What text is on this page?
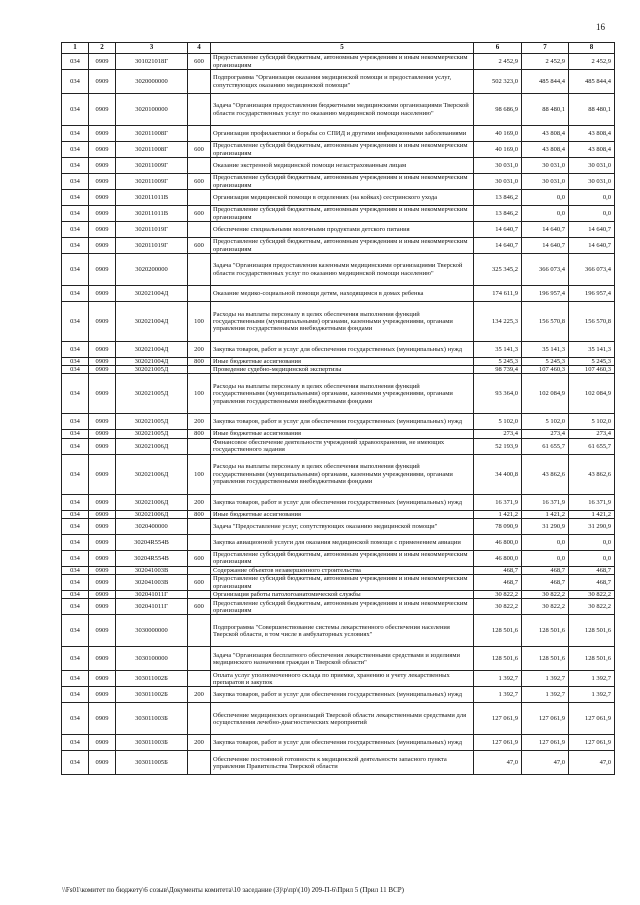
16
1	2	3	4	5	6	7	8
034	0909	301021018Г	600	Предоставление субсидий бюджетным, автономным учреждениям и иным некоммерческим организациям	2 452,9	2 452,9	2 452,9
034	0909	3020000000		Подпрограмма "Организация оказания медицинской помощи и предоставления услуг, сопутствующих оказанию медицинской помощи"	502 323,0	485 844,4	485 844,4
034	0909	3020100000		Задача "Организация предоставления бюджетными медицинскими организациями Тверской области государственных услуг по оказанию медицинской помощи населению"	98 686,9	88 480,1	88 480,1
034	0909	302011008Г		Организация профилактики и борьбы со СПИД и другими инфекционными заболеваниями	40 169,0	43 808,4	43 808,4
034	0909	302011008Г	600	Предоставление субсидий бюджетным, автономным учреждениям и иным некоммерческим организациям	40 169,0	43 808,4	43 808,4
034	0909	302011009Г		Оказание экстренной медицинской помощи незастрахованным лицам	30 031,0	30 031,0	30 031,0
034	0909	302011009Г	600	Предоставление субсидий бюджетным, автономным учреждениям и иным некоммерческим организациям	30 031,0	30 031,0	30 031,0
034	0909	302011011В		Организация медицинской помощи в отделениях (на койках) сестринского ухода	13 846,2	0,0	0,0
034	0909	302011011В	600	Предоставление субсидий бюджетным, автономным учреждениям и иным некоммерческим организациям	13 846,2	0,0	0,0
034	0909	302011019Г		Обеспечение специальными молочными продуктами детского питания	14 640,7	14 640,7	14 640,7
034	0909	302011019Г	600	Предоставление субсидий бюджетным, автономным учреждениям и иным некоммерческим организациям	14 640,7	14 640,7	14 640,7
034	0909	3020200000		Задача "Организация предоставления казенными медицинскими организациями Тверской области государственных услуг по оказанию медицинской помощи населению"	325 345,2	366 073,4	366 073,4
034	0909	302021004Д		Оказание медико-социальной помощи детям, находящимся в домах ребенка	174 611,9	196 957,4	196 957,4
034	0909	302021004Д	100	Расходы на выплаты персоналу в целях обеспечения выполнения функций государственными (муниципальными) органами, казенными учреждениями, органами управления государственными внебюджетными фондами	134 225,3	156 570,8	156 570,8
034	0909	302021004Д	200	Закупка товаров, работ и услуг для обеспечения государственных (муниципальных) нужд	35 141,3	35 141,3	35 141,3
034	0909	302021004Д	800	Иные бюджетные ассигнования	5 245,3	5 245,3	5 245,3
034	0909	302021005Д		Проведение судебно-медицинской экспертизы	98 739,4	107 460,3	107 460,3
034	0909	302021005Д	100	Расходы на выплаты персоналу в целях обеспечения выполнения функций государственными (муниципальными) органами, казенными учреждениями, органами управления государственными внебюджетными фондами	93 364,0	102 084,9	102 084,9
034	0909	302021005Д	200	Закупка товаров, работ и услуг для обеспечения государственных (муниципальных) нужд	5 102,0	5 102,0	5 102,0
034	0909	302021005Д	800	Иные бюджетные ассигнования	273,4	273,4	273,4
034	0909	302021006Д		Финансовое обеспечение деятельности учреждений здравоохранения, не имеющих государственного задания	52 193,9	61 655,7	61 655,7
034	0909	302021006Д	100	Расходы на выплаты персоналу в целях обеспечения выполнения функций государственными (муниципальными) органами, казенными учреждениями, органами управления государственными внебюджетными фондами	34 400,8	43 862,6	43 862,6
034	0909	302021006Д	200	Закупка товаров, работ и услуг для обеспечения государственных (муниципальных) нужд	16 371,9	16 371,9	16 371,9
034	0909	302021006Д	800	Иные бюджетные ассигнования	1 421,2	1 421,2	1 421,2
034	0909	3020400000		Задача "Предоставление услуг, сопутствующих оказанию медицинской помощи"	78 090,9	31 290,9	31 290,9
034	0909	30204R554В		Закупка авиационной услуги для оказания медицинской помощи с применением авиации	46 800,0	0,0	0,0
034	0909	30204R554В	600	Предоставление субсидий бюджетным, автономным учреждениям и иным некоммерческим организациям	46 800,0	0,0	0,0
034	0909	302041003В		Содержание объектов незавершенного строительства	468,7	468,7	468,7
034	0909	302041003В	600	Предоставление субсидий бюджетным, автономным учреждениям и иным некоммерческим организациям	468,7	468,7	468,7
034	0909	302041011Г		Организация работы патологоанатомической службы	30 822,2	30 822,2	30 822,2
034	0909	302041011Г	600	Предоставление субсидий бюджетным, автономным учреждениям и иным некоммерческим организациям	30 822,2	30 822,2	30 822,2
034	0909	3030000000		Подпрограмма "Совершенствование системы лекарственного обеспечения населения Тверской области, в том числе в амбулаторных условиях"	128 501,6	128 501,6	128 501,6
034	0909	3030100000		Задача "Организация бесплатного обеспечения лекарственными средствами и изделиями медицинского назначения граждан в Тверской области"	128 501,6	128 501,6	128 501,6
034	0909	303011002Б		Оплата услуг уполномоченного склада по приемке, хранению и учету лекарственных препаратов и закупок	1 392,7	1 392,7	1 392,7
034	0909	303011002Б	200	Закупка товаров, работ и услуг для обеспечения государственных (муниципальных) нужд	1 392,7	1 392,7	1 392,7
034	0909	303011003Б		Обеспечение медицинских организаций Тверской области лекарственными средствами для осуществления лечебно-диагностических мероприятий	127 061,9	127 061,9	127 061,9
034	0909	303011003Б	200	Закупка товаров, работ и услуг для обеспечения государственных (муниципальных) нужд	127 061,9	127 061,9	127 061,9
034	0909	303011005Б		Обеспечение постоянной готовности к медицинской деятельности запасного пункта управления Правительства Тверской области	47,0	47,0	47,0
\\Fs01\комитет по бюджету\6 созыв\Документы комитета\10 заседание (3)\р\пр\(10) 209-П-6\Прил 5 (Прил 11 ВСР)
